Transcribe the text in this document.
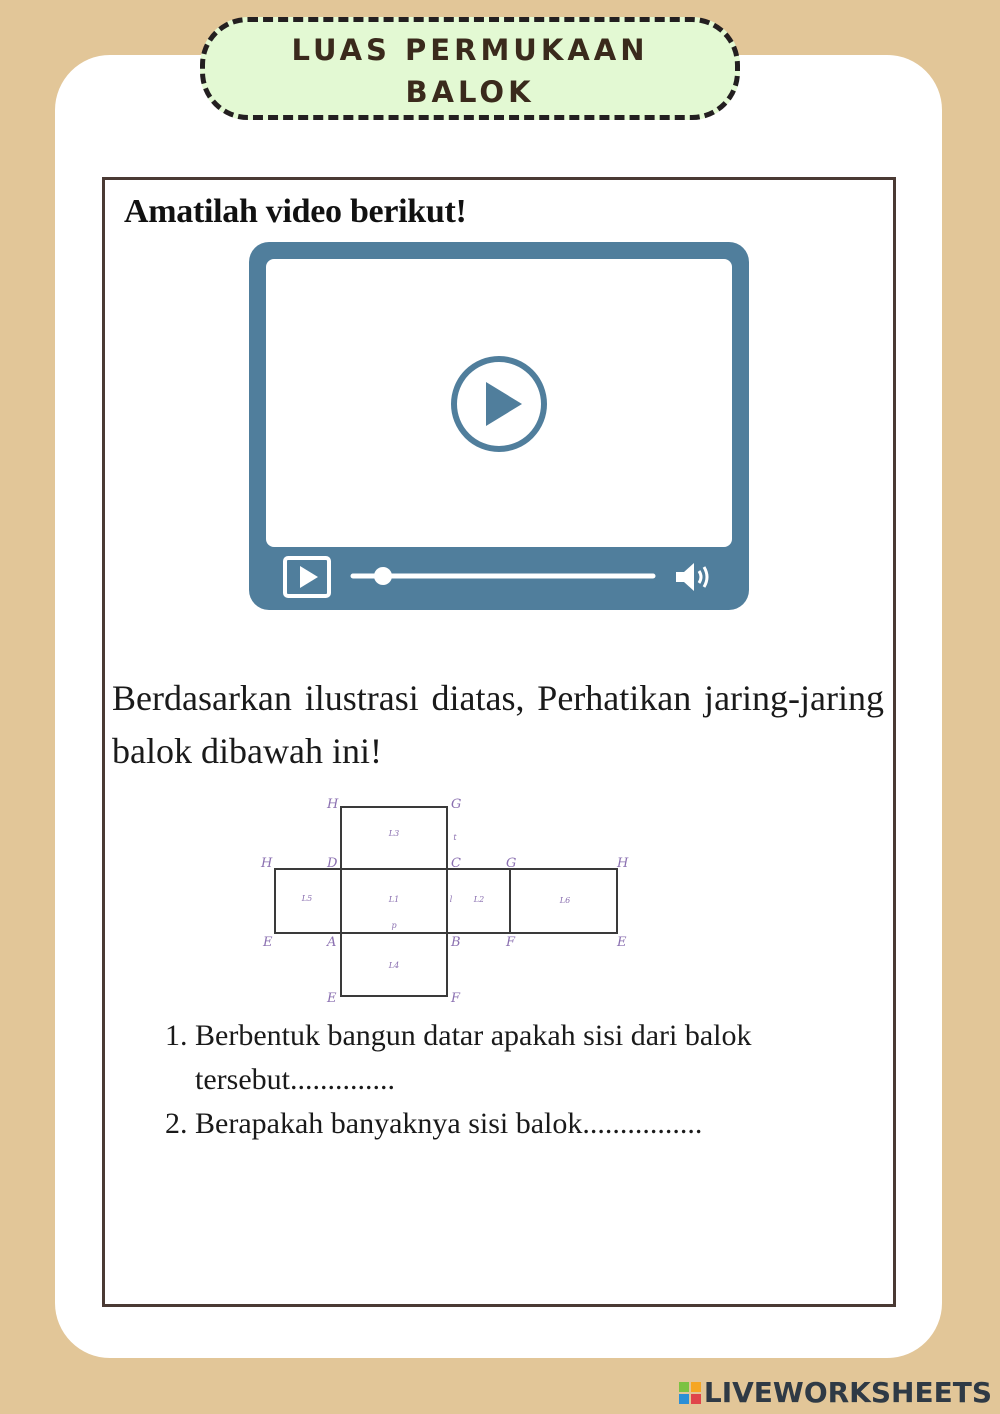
LUAS PERMUKAAN
BALOK
Amatilah video berikut!
Berdasarkan ilustrasi diatas, Perhatikan jaring-jaring balok dibawah ini!
H	G
H	D	C	G	H
E	A	B	F	E
E	F
L3
L5	L1	L2	L6
L4
p
l
t
1. Berbentuk bangun datar apakah sisi dari balok tersebut..............
2. Berapakah banyaknya sisi balok................
LIVEWORKSHEETS
